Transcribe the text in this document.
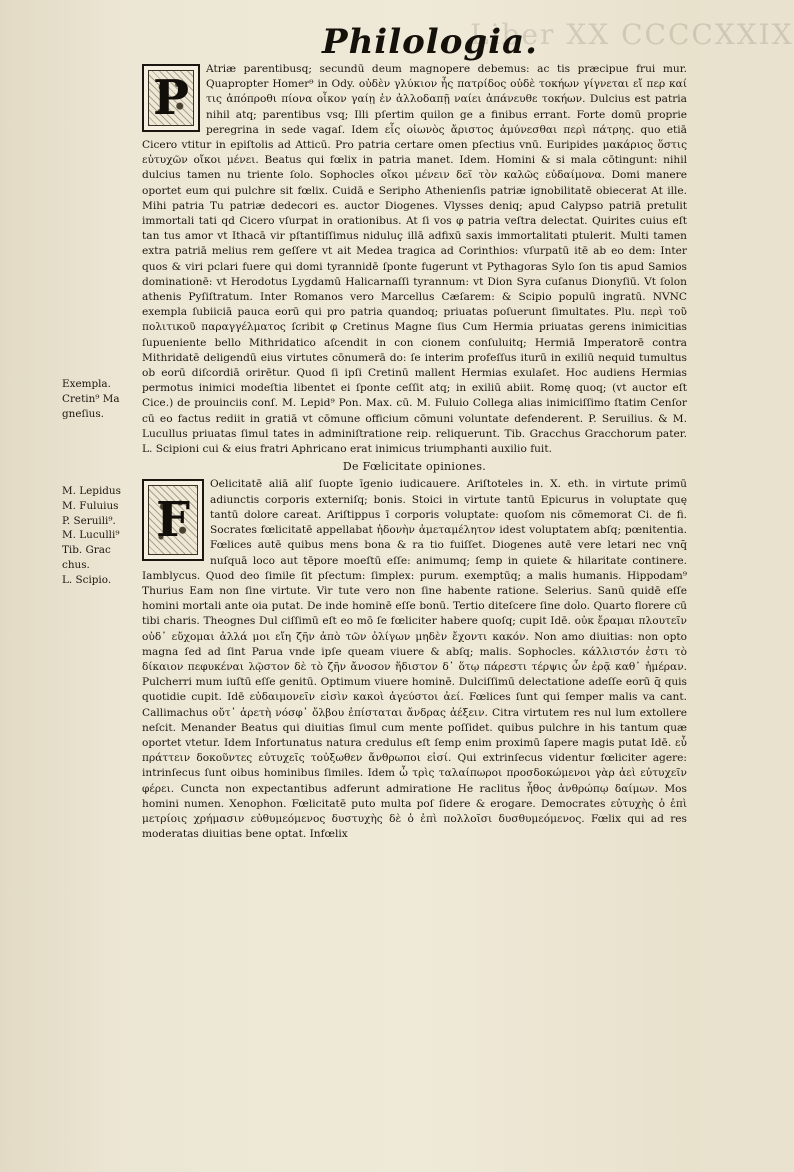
Liber XX CCCCXXIX
Philologia.
Exempla.
Cretin⁹ Ma
gneſius.
M. Lepidus
M. Fuluius
P. Seruili⁹.
M. Luculli⁹
Tib. Grac
chus.
L. Scipio.
P

Atriæ parentibusq; secundū deum magnopere debemus: ac tis præcipue frui mur. Quapropter Homer⁹ in Ody. οὐδὲν γλύκιον ἧς πατρίδος οὐδὲ τοκήων γίγνεται εἴ περ καί τις ἀπόπροθι πίονα οἶκον γαίῃ ἐν ἀλλοδαπῇ ναίει ἀπάνευθε τοκήων. Dulcius est patria nihil atq; parentibus vsq; Illi pſertim quilon ge a finibus errant. Forte domū proprie peregrina in sede vagaſ. Idem εἷς οἰωνὸς ἄριστος ἀμύνεσθαι περὶ πάτρης. quo etiā Cicero vtitur in epiſtolis ad Atticū. Pro patria certare omen pſectius vnū. Euripides μακάριος ὅστις εὐτυχῶν οἴκοι μένει. Beatus qui fœlix in patria manet. Idem. Homini & si mala cōtingunt: nihil dulcius tamen nu triente ſolo. Sophocles οἴκοι μένειν δεῖ τὸν καλῶς εὐδαίμονα. Domi manere oportet eum qui pulchre sit fœlix. Cuidā e Seripho Athenienſis patriæ ignobilitatē obiecerat At ille. Mihi patria Tu patriæ dedecori es. auctor Diogenes. Vlysses deniq; apud Calypso patriā pretulit immortali tati qd Cicero vſurpat in orationibus. At ſi vos φ patria veſtra delectat. Quirites cuius eſt tan tus amor vt Ithacā vir pſtantiſſimus niduluç illā adfixū saxis immortalitati ptulerit. Multi tamen extra patriā melius rem geſſere vt ait Medea tragica ad Corinthios: vſurpatū itē ab eo dem: Inter quos & viri pclari fuere qui domi tyrannidē ſponte fugerunt vt Pythagoras Sylo ſon tis apud Samios dominationē: vt Herodotus Lygdamū Halicarnaſſi tyrannum: vt Dion Syra cuſanus Dionyſiū. Vt ſolon athenis Pyſiſtratum. Inter Romanos vero Marcellus Cæſarem: & Scipio populū ingratū. NVNC exempla ſubiiciā pauca eorū qui pro patria quandoq; priuatas poſuerunt ſimultates. Plu. περὶ τοῦ πολιτικοῦ παραγγέλματος ſcribit φ Cretinus Magne ſius Cum Hermia priuatas gerens inimicitias ſupueniente bello Mithridatico aſcendit in con cionem conſuluitq; Hermiā Imperatorē contra Mithridatē deligendū eius virtutes cōnumerā do: ſe interim profeſſus iturū in exiliū nequid tumultus ob eorū diſcordiā orirētur. Quod ſi ipſi Cretinū mallent Hermias exulaſet. Hoc audiens Hermias permotus inimici modeſtia libentet ei ſponte ceſſit atq; in exiliū abiit. Romę quoq; (vt auctor eſt Cice.) de prouinciis conſ. M. Lepid⁹ Pon. Max. cū. M. Fuluio Collega alias inimiciſſimo ſtatim Cenſor cū eo factus rediit in gratiā vt cōmune officium cōmuni voluntate defenderent. P. Seruilius. & M. Lucullus priuatas ſimul tates in adminiſtratione reip. reliquerunt. Tib. Gracchus Gracchorum pater. L. Scipioni cui & eius fratri Aphricano erat inimicus triumphanti auxilio fuit.

De Fœlicitate opiniones.
F

Oelicitatē aliā aliſ ſuopte īgenio iudicauere. Ariſtoteles in. X. eth. in virtute primū adiunctis corporis externiſq; bonis. Stoici in virtute tantū Epicurus in voluptate quę tantū dolore careat. Ariſtippus ī corporis voluptate: quoſom nis cōmemorat Ci. de fi. Socrates fœlicitatē appellabat ἡδονὴν ἀμεταμέλητον idest voluptatem abſq; pœnitentia. Fœlices autē quibus mens bona & ra tio fuiſſet. Diogenes autē vere letari nec vnq̄ nuſquā loco aut tēpore moeſtū eſſe: animumq; ſemp in quiete & hilaritate continere. Iamblycus. Quod deo ſimile ſit pſectum: ſimplex: purum. exemptūq; a malis humanis. Hippodam⁹ Thurius Eam non ſine virtute. Vir tute vero non ſine habente ratione. Selerius. Sanū quidē eſſe homini mortali ante oia putat. De inde hominē eſſe bonū. Tertio diteſcere ſine dolo. Quarto florere cū tibi charis. Theognes Dul ciſſimū eſt eo mō ſe fœliciter habere quoſq; cupit Idē. οὐκ ἔραμαι πλουτεῖν οὐδ᾽ εὔχομαι ἀλλά μοι εἴη ζῆν ἀπὸ τῶν ὀλίγων μηδὲν ἔχοντι κακόν. Non amo diuitias: non opto magna ſed ad ſint Parua vnde ipſe queam viuere & abſq; malis. Sophocles. κάλλιστόν ἐστι τὸ δίκαιον πεφυκέναι λῷστον δὲ τὸ ζῆν ἄνοσον ἥδιστον δ᾽ ὅτῳ πάρεστι τέρψις ὧν ἐρᾷ καθ᾽ ἡμέραν. Pulcherri mum iuſtū eſſe genitū. Optimum viuere hominē. Dulciſſimū delectatione adeſſe eorū q̄ quis quotidie cupit. Idē εὐδαιμονεῖν εἰσὶν κακοὶ ἀγεύστοι ἀεί. Fœlices ſunt qui ſemper malis va cant. Callimachus οὔτ᾽ ἀρετὴ νόσφ᾽ ὄλβου ἐπίσταται ἄνδρας ἀέξειν. Citra virtutem res nul lum extollere neſcit. Menander Beatus qui diuitias ſimul cum mente poſſidet. quibus pulchre in his tantum quæ oportet vtetur. Idem Infortunatus natura credulus eſt ſemp enim proximū ſapere magis putat Idē. εὖ πράττειν δοκοῦντες εὐτυχεῖς τοὐξωθεν ἄνθρωποι εἰσί. Qui extrinſecus videntur fœliciter agere: intrinſecus ſunt oibus hominibus ſimiles. Idem ὦ τρὶς ταλαίπωροι προσδοκώμενοι γὰρ ἀεὶ εὐτυχεῖν φέρει. Cuncta non expectantibus adferunt admiratione He raclitus ἦθος ἀνθρώπῳ δαίμων. Mos homini numen. Xenophon. Fœlicitatē puto multa poſ ſidere & erogare. Democrates εὐτυχὴς ὁ ἐπὶ μετρίοις χρήμασιν εὐθυμεόμενος δυστυχὴς δὲ ὁ ἐπὶ πολλοῖσι δυσθυμεόμενος. Fœlix qui ad res moderatas diuitias bene optat. Infœlix
